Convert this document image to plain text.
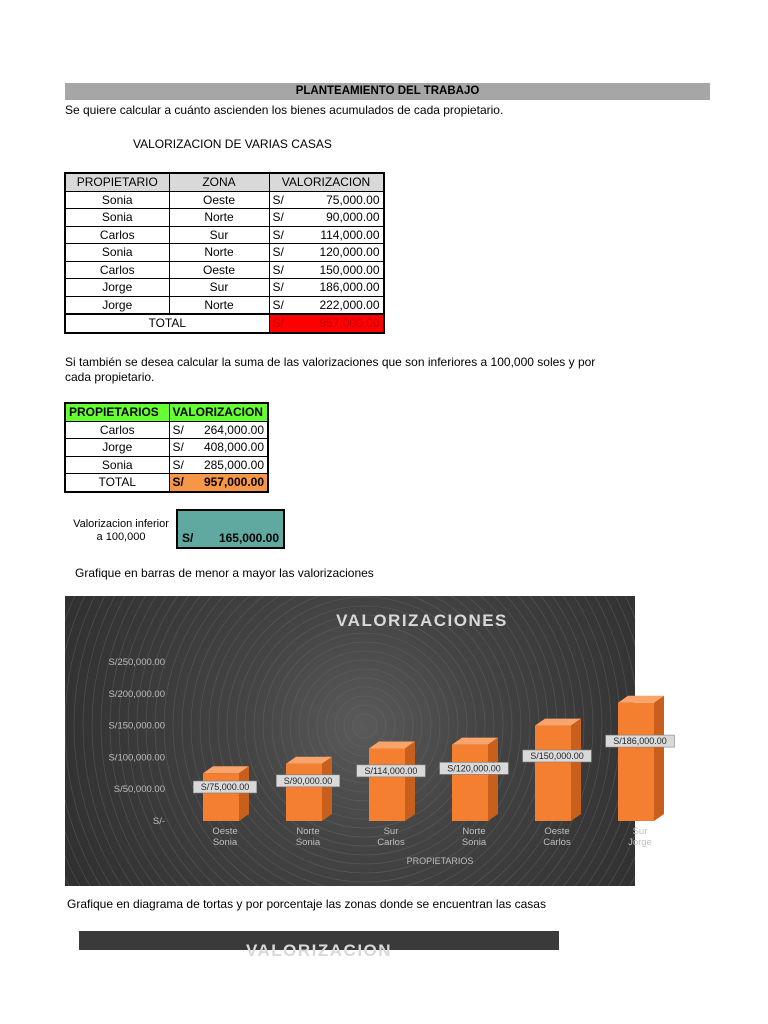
PLANTEAMIENTO DEL TRABAJO
Se quiere calcular a cuánto ascienden los bienes acumulados de cada propietario.
VALORIZACION DE VARIAS CASAS
PROPIETARIO	ZONA	VALORIZACION	
Sonia	Oeste	S/	75,000.00
Sonia	Norte	S/	90,000.00
Carlos	Sur	S/	114,000.00
Sonia	Norte	S/	120,000.00
Carlos	Oeste	S/	150,000.00
Jorge	Sur	S/	186,000.00
Jorge	Norte	S/	222,000.00
TOTAL		S/	957,000.00
Si también se desea calcular la suma de las valorizaciones que son inferiores a 100,000 soles y por
cada propietario.
PROPIETARIOS	VALORIZACION	
Carlos	S/	264,000.00
Jorge	S/	408,000.00
Sonia	S/	285,000.00
TOTAL	S/	957,000.00
Valorizacion inferior
a 100,000	S/ 165,000.00
Grafique en barras de menor a mayor las valorizaciones
VALORIZACIONES
S/-
S/50,000.00
S/100,000.00
S/150,000.00
S/200,000.00
S/250,000.00
S/75,000.00
S/90,000.00
S/114,000.00	S/120,000.00
S/150,000.00
S/186,000.00
Oeste
Sonia
Norte
Sonia
Sur
Carlos
Norte
Sonia
Oeste
Carlos
Sur
Jorge
PROPIETARIOS
Grafique en diagrama de tortas y por porcentaje las zonas donde se encuentran las casas
VALORIZACION
